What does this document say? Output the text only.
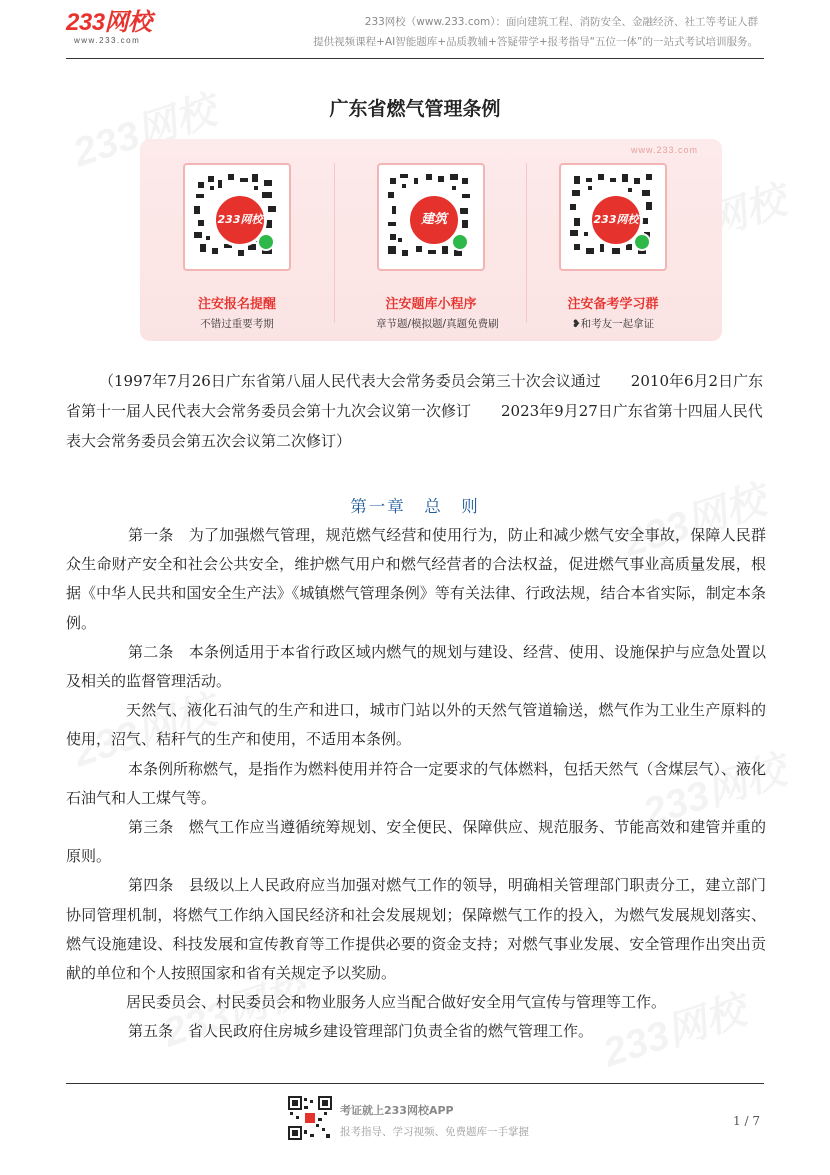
233网校
www.233.com
233网校（www.233.com）：面向建筑工程、消防安全、金融经济、社工等考证人群
提供视频课程+AI智能题库+品质教辅+答疑带学+报考指导“五位一体”的一站式考试培训服务。
广东省燃气管理条例
www.233.com
233网校
注安报名提醒
不错过重要考期
建筑
注安题库小程序
章节题/模拟题/真题免费刷
233网校
注安备考学习群
❥和考友一起拿证

（1997年7月26日广东省第八届人民代表大会常务委员会第三十次会议通过　　2010年6月2日广东省第十一届人民代表大会常务委员会第十九次会议第一次修订　　2023年9月27日广东省第十四届人民代表大会常务委员会第五次会议第二次修订）

第一章　总　则

第一条　为了加强燃气管理，规范燃气经营和使用行为，防止和减少燃气安全事故，保障人民群众生命财产安全和社会公共安全，维护燃气用户和燃气经营者的合法权益，促进燃气事业高质量发展，根据《中华人民共和国安全生产法》《城镇燃气管理条例》等有关法律、行政法规，结合本省实际，制定本条例。

第二条　本条例适用于本省行政区域内燃气的规划与建设、经营、使用、设施保护与应急处置以及相关的监督管理活动。

天然气、液化石油气的生产和进口，城市门站以外的天然气管道输送，燃气作为工业生产原料的使用，沼气、秸秆气的生产和使用，不适用本条例。

本条例所称燃气，是指作为燃料使用并符合一定要求的气体燃料，包括天然气（含煤层气）、液化石油气和人工煤气等。

第三条　燃气工作应当遵循统筹规划、安全便民、保障供应、规范服务、节能高效和建管并重的原则。

第四条　县级以上人民政府应当加强对燃气工作的领导，明确相关管理部门职责分工，建立部门协同管理机制，将燃气工作纳入国民经济和社会发展规划；保障燃气工作的投入，为燃气发展规划落实、燃气设施建设、科技发展和宣传教育等工作提供必要的资金支持；对燃气事业发展、安全管理作出突出贡献的单位和个人按照国家和省有关规定予以奖励。

居民委员会、村民委员会和物业服务人应当配合做好安全用气宣传与管理等工作。

第五条　省人民政府住房城乡建设管理部门负责全省的燃气管理工作。

考证就上233网校APP
报考指导、学习视频、免费题库一手掌握
1 / 7
